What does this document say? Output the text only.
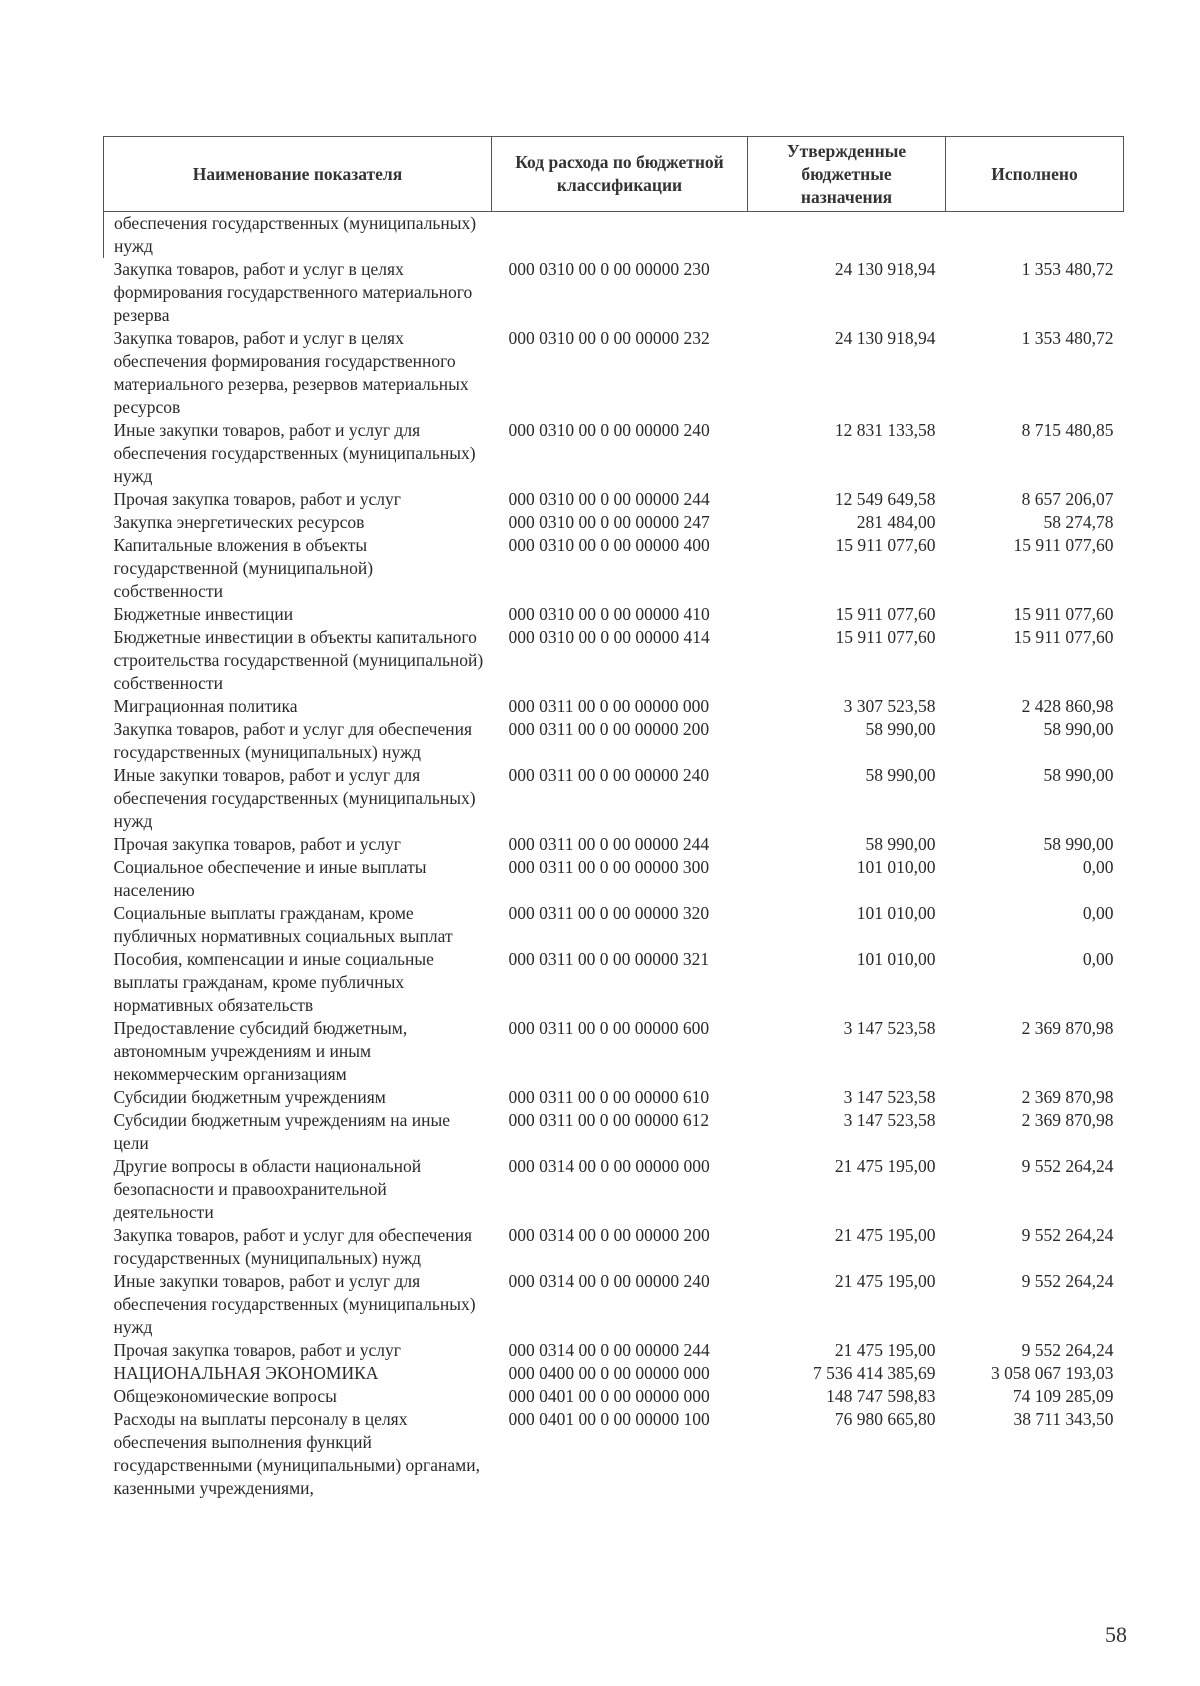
Наименование показателя	Код расхода по бюджетной классификации	Утвержденные бюджетные назначения	Исполнено
обеспечения государственных (муниципальных) нужд			
Закупка товаров, работ и услуг в целях формирования государственного материального резерва	000 0310 00 0 00 00000 230	24 130 918,94	1 353 480,72
Закупка товаров, работ и услуг в целях обеспечения формирования государственного материального резерва, резервов материальных ресурсов	000 0310 00 0 00 00000 232	24 130 918,94	1 353 480,72
Иные закупки товаров, работ и услуг для обеспечения государственных (муниципальных) нужд	000 0310 00 0 00 00000 240	12 831 133,58	8 715 480,85
Прочая закупка товаров, работ и услуг	000 0310 00 0 00 00000 244	12 549 649,58	8 657 206,07
Закупка энергетических ресурсов	000 0310 00 0 00 00000 247	281 484,00	58 274,78
Капитальные вложения в объекты государственной (муниципальной) собственности	000 0310 00 0 00 00000 400	15 911 077,60	15 911 077,60
Бюджетные инвестиции	000 0310 00 0 00 00000 410	15 911 077,60	15 911 077,60
Бюджетные инвестиции в объекты капитального строительства государственной (муниципальной) собственности	000 0310 00 0 00 00000 414	15 911 077,60	15 911 077,60
Миграционная политика	000 0311 00 0 00 00000 000	3 307 523,58	2 428 860,98
Закупка товаров, работ и услуг для обеспечения государственных (муниципальных) нужд	000 0311 00 0 00 00000 200	58 990,00	58 990,00
Иные закупки товаров, работ и услуг для обеспечения государственных (муниципальных) нужд	000 0311 00 0 00 00000 240	58 990,00	58 990,00
Прочая закупка товаров, работ и услуг	000 0311 00 0 00 00000 244	58 990,00	58 990,00
Социальное обеспечение и иные выплаты населению	000 0311 00 0 00 00000 300	101 010,00	0,00
Социальные выплаты гражданам, кроме публичных нормативных социальных выплат	000 0311 00 0 00 00000 320	101 010,00	0,00
Пособия, компенсации и иные социальные выплаты гражданам, кроме публичных нормативных обязательств	000 0311 00 0 00 00000 321	101 010,00	0,00
Предоставление субсидий бюджетным, автономным учреждениям и иным некоммерческим организациям	000 0311 00 0 00 00000 600	3 147 523,58	2 369 870,98
Субсидии бюджетным учреждениям	000 0311 00 0 00 00000 610	3 147 523,58	2 369 870,98
Субсидии бюджетным учреждениям на иные цели	000 0311 00 0 00 00000 612	3 147 523,58	2 369 870,98
Другие вопросы в области национальной безопасности и правоохранительной деятельности	000 0314 00 0 00 00000 000	21 475 195,00	9 552 264,24
Закупка товаров, работ и услуг для обеспечения государственных (муниципальных) нужд	000 0314 00 0 00 00000 200	21 475 195,00	9 552 264,24
Иные закупки товаров, работ и услуг для обеспечения государственных (муниципальных) нужд	000 0314 00 0 00 00000 240	21 475 195,00	9 552 264,24
Прочая закупка товаров, работ и услуг	000 0314 00 0 00 00000 244	21 475 195,00	9 552 264,24
НАЦИОНАЛЬНАЯ ЭКОНОМИКА	000 0400 00 0 00 00000 000	7 536 414 385,69	3 058 067 193,03
Общеэкономические вопросы	000 0401 00 0 00 00000 000	148 747 598,83	74 109 285,09
Расходы на выплаты персоналу в целях обеспечения выполнения функций государственными (муниципальными) органами, казенными учреждениями,	000 0401 00 0 00 00000 100	76 980 665,80	38 711 343,50
58
